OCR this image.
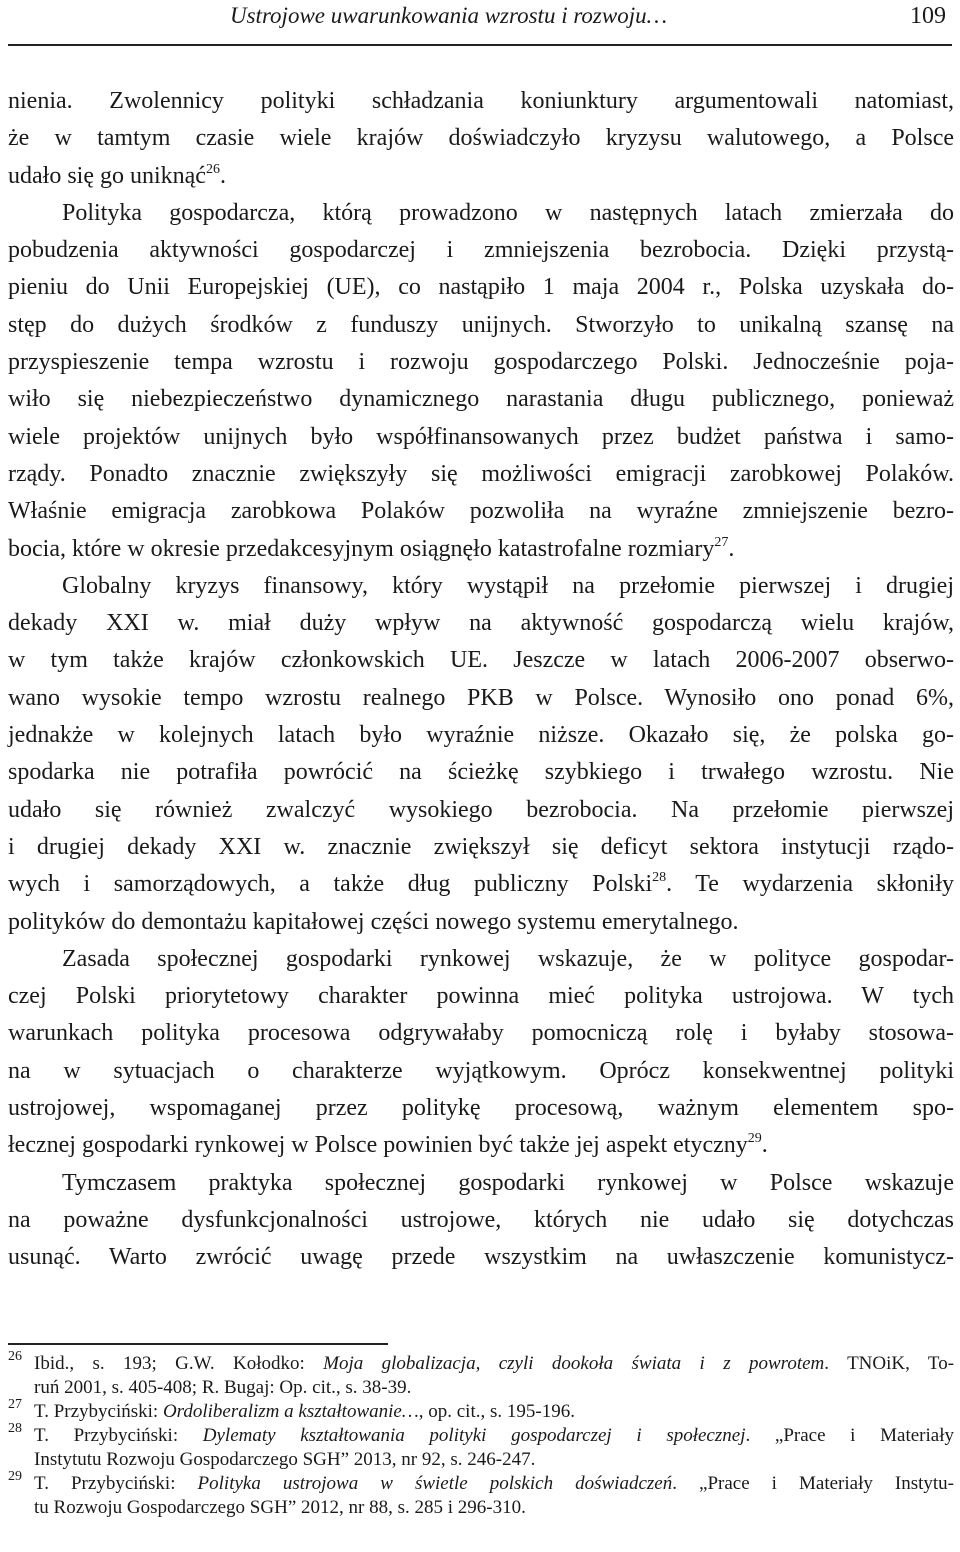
Ustrojowe uwarunkowania wzrostu i rozwoju…	109
nienia. Zwolennicy polityki schładzania koniunktury argumentowali natomiast,
że w tamtym czasie wiele krajów doświadczyło kryzysu walutowego, a Polsce
udało się go uniknąć$^{26}$.
Polityka gospodarcza, którą prowadzono w następnych latach zmierzała do
pobudzenia aktywności gospodarczej i zmniejszenia bezrobocia. Dzięki przystą-
pieniu do Unii Europejskiej (UE), co nastąpiło 1 maja 2004 r., Polska uzyskała do-
stęp do dużych środków z funduszy unijnych. Stworzyło to unikalną szansę na
przyspieszenie tempa wzrostu i rozwoju gospodarczego Polski. Jednocześnie poja-
wiło się niebezpieczeństwo dynamicznego narastania długu publicznego, ponieważ
wiele projektów unijnych było współfinansowanych przez budżet państwa i samo-
rządy. Ponadto znacznie zwiększyły się możliwości emigracji zarobkowej Polaków.
Właśnie emigracja zarobkowa Polaków pozwoliła na wyraźne zmniejszenie bezro-
bocia, które w okresie przedakcesyjnym osiągnęło katastrofalne rozmiary$^{27}$.
Globalny kryzys finansowy, który wystąpił na przełomie pierwszej i drugiej
dekady XXI w. miał duży wpływ na aktywność gospodarczą wielu krajów,
w tym także krajów członkowskich UE. Jeszcze w latach 2006-2007 obserwo-
wano wysokie tempo wzrostu realnego PKB w Polsce. Wynosiło ono ponad 6%,
jednakże w kolejnych latach było wyraźnie niższe. Okazało się, że polska go-
spodarka nie potrafiła powrócić na ścieżkę szybkiego i trwałego wzrostu. Nie
udało się również zwalczyć wysokiego bezrobocia. Na przełomie pierwszej
i drugiej dekady XXI w. znacznie zwiększył się deficyt sektora instytucji rządo-
wych i samorządowych, a także dług publiczny Polski$^{28}$. Te wydarzenia skłoniły
polityków do demontażu kapitałowej części nowego systemu emerytalnego.
Zasada społecznej gospodarki rynkowej wskazuje, że w polityce gospodar-
czej Polski priorytetowy charakter powinna mieć polityka ustrojowa. W tych
warunkach polityka procesowa odgrywałaby pomocniczą rolę i byłaby stosowa-
na w sytuacjach o charakterze wyjątkowym. Oprócz konsekwentnej polityki
ustrojowej, wspomaganej przez politykę procesową, ważnym elementem spo-
łecznej gospodarki rynkowej w Polsce powinien być także jej aspekt etyczny$^{29}$.
Tymczasem praktyka społecznej gospodarki rynkowej w Polsce wskazuje
na poważne dysfunkcjonalności ustrojowe, których nie udało się dotychczas
usunąć. Warto zwrócić uwagę przede wszystkim na uwłaszczenie komunistycz-
26 Ibid., s. 193; G.W. Kołodko: Moja globalizacja, czyli dookoła świata i z powrotem. TNOiK, To-
ruń 2001, s. 405-408; R. Bugaj: Op. cit., s. 38-39.
27 T. Przybyciński: Ordoliberalizm a kształtowanie…, op. cit., s. 195-196.
28 T. Przybyciński: Dylematy kształtowania polityki gospodarczej i społecznej. „Prace i Materiały
Instytutu Rozwoju Gospodarczego SGH” 2013, nr 92, s. 246-247.
29 T. Przybyciński: Polityka ustrojowa w świetle polskich doświadczeń. „Prace i Materiały Instytu-
tu Rozwoju Gospodarczego SGH” 2012, nr 88, s. 285 i 296-310.
